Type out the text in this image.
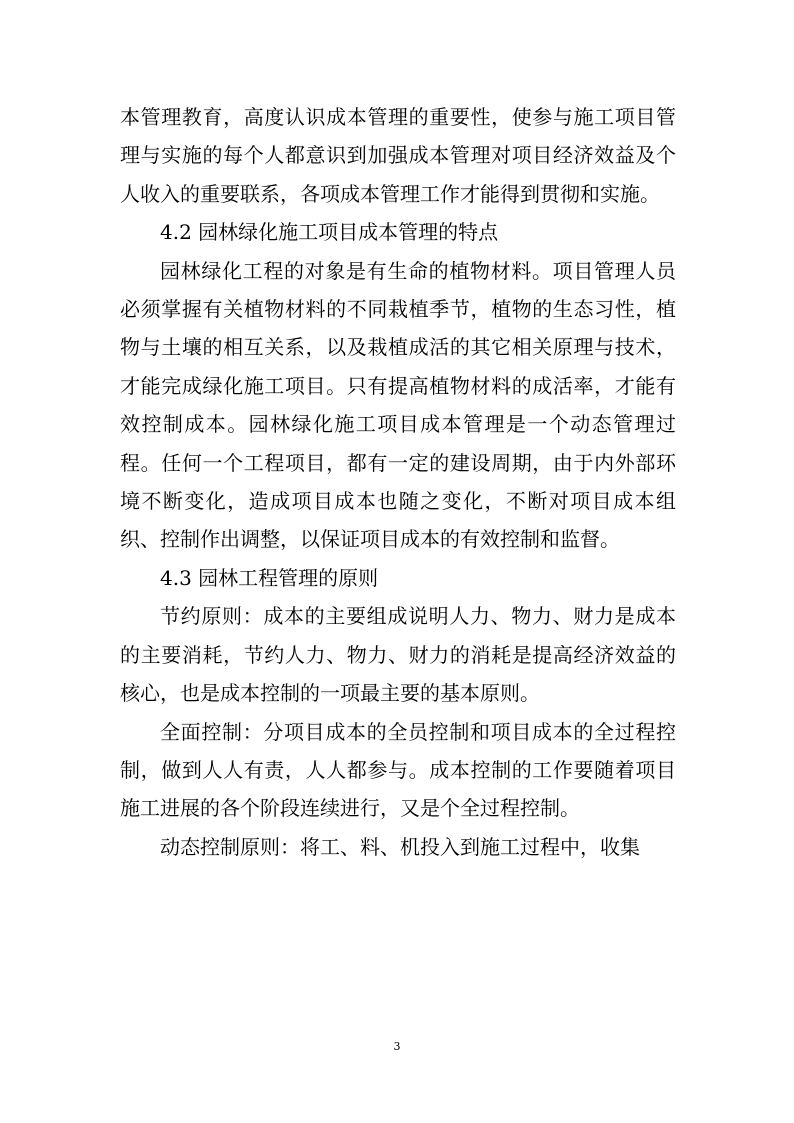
本管理教育，高度认识成本管理的重要性，使参与施工项目管理与实施的每个人都意识到加强成本管理对项目经济效益及个人收入的重要联系，各项成本管理工作才能得到贯彻和实施。

4.2 园林绿化施工项目成本管理的特点

园林绿化工程的对象是有生命的植物材料。项目管理人员必须掌握有关植物材料的不同栽植季节，植物的生态习性，植物与土壤的相互关系，以及栽植成活的其它相关原理与技术，才能完成绿化施工项目。只有提高植物材料的成活率，才能有效控制成本。园林绿化施工项目成本管理是一个动态管理过程。任何一个工程项目，都有一定的建设周期，由于内外部环境不断变化，造成项目成本也随之变化，不断对项目成本组织、控制作出调整，以保证项目成本的有效控制和监督。

4.3 园林工程管理的原则

节约原则：成本的主要组成说明人力、物力、财力是成本的主要消耗，节约人力、物力、财力的消耗是提高经济效益的核心，也是成本控制的一项最主要的基本原则。

全面控制：分项目成本的全员控制和项目成本的全过程控制，做到人人有责，人人都参与。成本控制的工作要随着项目施工进展的各个阶段连续进行，又是个全过程控制。

动态控制原则：将工、料、机投入到施工过程中，收集

3
